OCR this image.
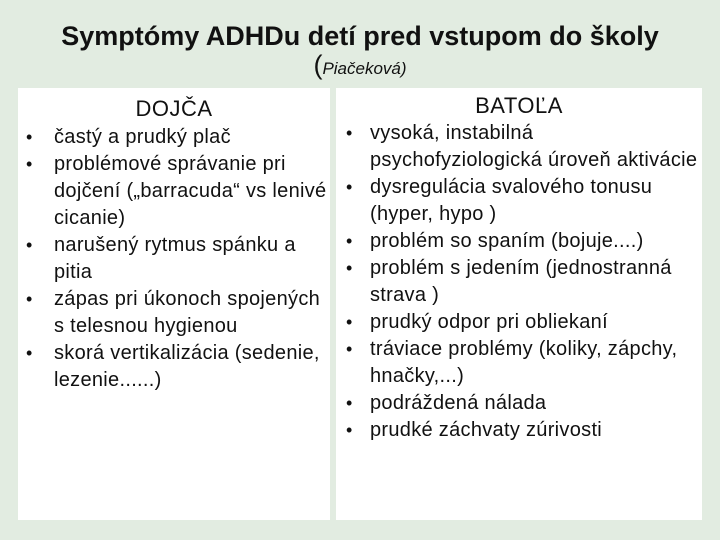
Symptómy ADHDu detí pred vstupom do školy

(Piačeková)

DOJČA

• častý a prudký plač
• problémové správanie pri dojčení („barracuda“ vs lenivé cicanie)
• narušený rytmus spánku a pitia
• zápas pri úkonoch spojených s telesnou hygienou
• skorá vertikalizácia (sedenie, lezenie......)

BATOĽA

• vysoká, instabilná psychofyziologická úroveň aktivácie
• dysregulácia svalového tonusu (hyper, hypo )
• problém so spaním (bojuje....)
• problém s jedením (jednostranná strava )
• prudký odpor pri obliekaní
• tráviace problémy (koliky, zápchy, hnačky,...)
• podráždená nálada
• prudké záchvaty zúrivosti
